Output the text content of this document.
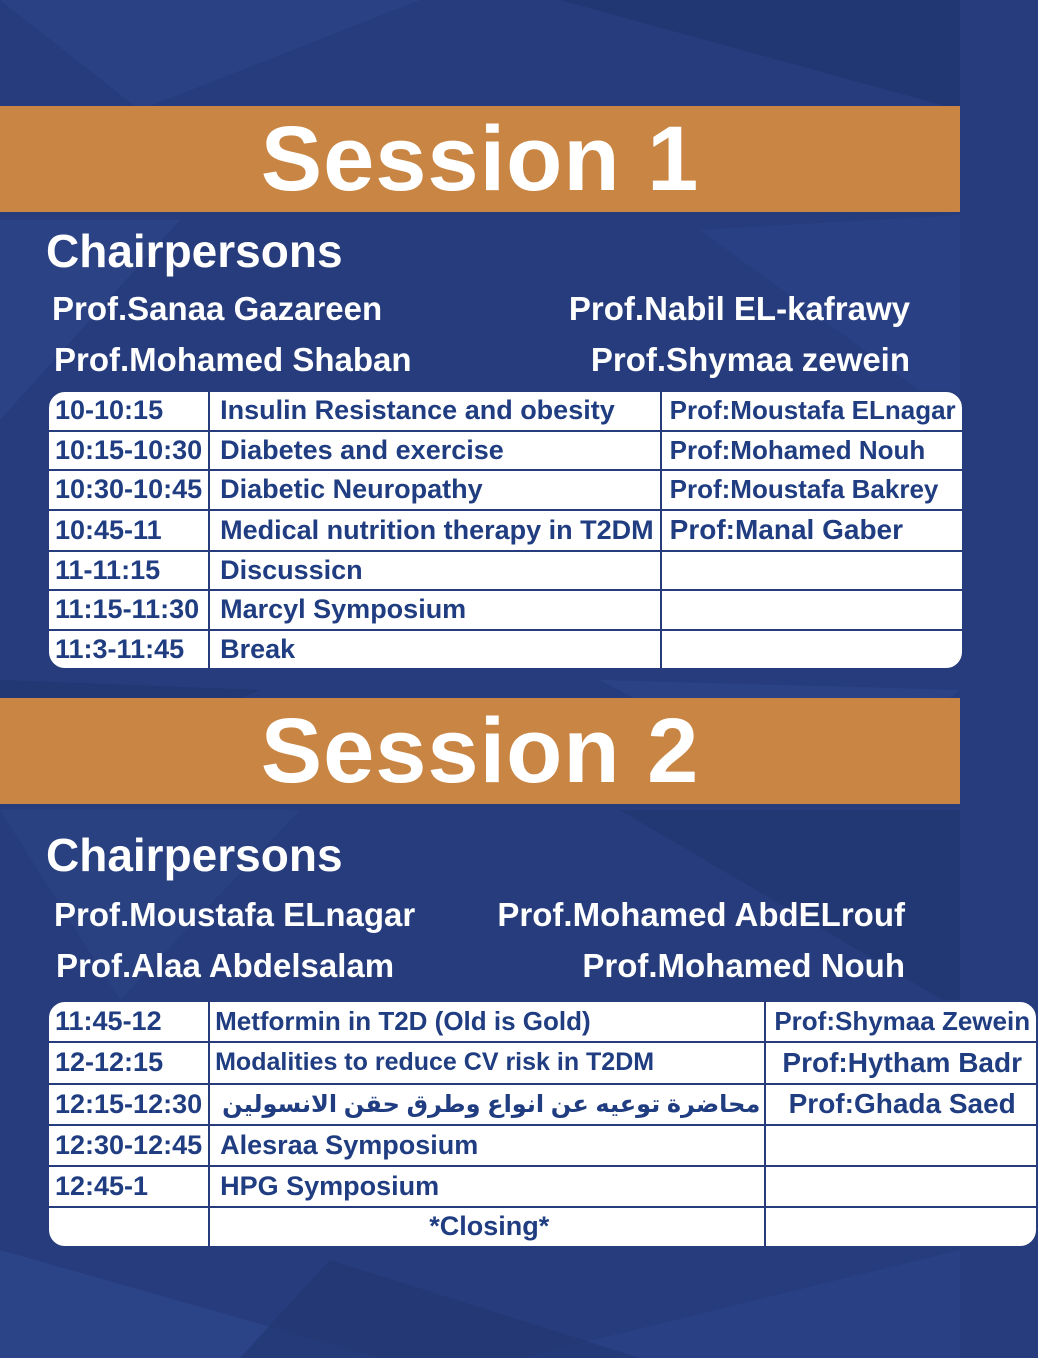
Session 1
Chairpersons
Prof.Sanaa Gazareen	Prof.Nabil EL-kafrawy
Prof.Mohamed Shaban	Prof.Shymaa zewein
10-10:15	Insulin Resistance and obesity	Prof:Moustafa ELnagar
10:15-10:30	Diabetes and exercise	Prof:Mohamed Nouh
10:30-10:45	Diabetic Neuropathy	Prof:Moustafa Bakrey
10:45-11	Medical nutrition therapy in T2DM	Prof:Manal Gaber
11-11:15	Discussicn	
11:15-11:30	Marcyl Symposium	
11:3-11:45	Break	
Session 2
Chairpersons
Prof.Moustafa ELnagar Prof.Mohamed AbdELrouf
Prof.Alaa Abdelsalam	Prof.Mohamed Nouh
11:45-12	Metformin in T2D (Old is Gold)	Prof:Shymaa Zewein
12-12:15	Modalities to reduce CV risk in T2DM	Prof:Hytham Badr
12:15-12:30	محاضرة توعيه عن انواع وطرق حقن الانسولين	Prof:Ghada Saed
12:30-12:45	Alesraa Symposium	
12:45-1	HPG Symposium	
	*Closing*	
